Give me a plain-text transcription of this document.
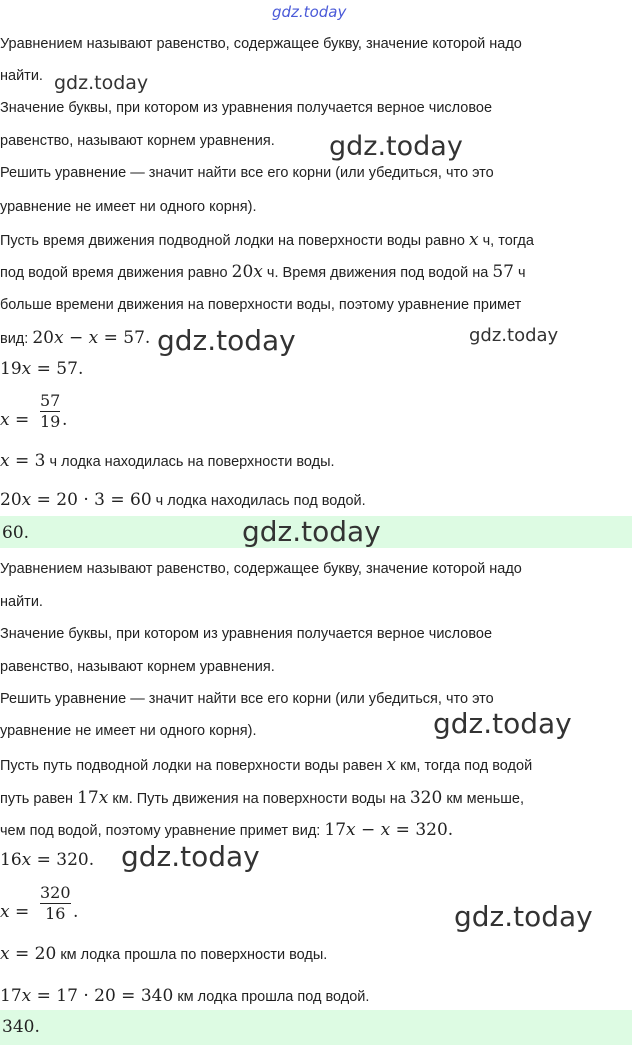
gdz.today
Уравнением называют равенство, содержащее букву, значение которой надо
найти.
Значение буквы, при котором из уравнения получается верное числовое
равенство, называют корнем уравнения.
Решить уравнение — значит найти все его корни (или убедиться, что это
уравнение не имеет ни одного корня).
Пусть время движения подводной лодки на поверхности воды равно x ч, тогда
под водой время движения равно 20x ч. Время движения под водой на 57 ч
больше времени движения на поверхности воды, поэтому уравнение примет
вид: 20x − x = 57.
19x = 57.
x =
57
19 .
x = 3 ч лодка находилась на поверхности воды.
20x = 20 · 3 = 60 ч лодка находилась под водой.
60.
Уравнением называют равенство, содержащее букву, значение которой надо
найти.
Значение буквы, при котором из уравнения получается верное числовое
равенство, называют корнем уравнения.
Решить уравнение — значит найти все его корни (или убедиться, что это
уравнение не имеет ни одного корня).
Пусть путь подводной лодки на поверхности воды равен x км, тогда под водой
путь равен 17x км. Путь движения на поверхности воды на 320 км меньше,
чем под водой, поэтому уравнение примет вид: 17x − x = 320.
16x = 320.
x =
320
16 .
x = 20 км лодка прошла по поверхности воды.
17x = 17 · 20 = 340 км лодка прошла под водой.
340.
gdz.today
gdz.today
gdz.today	gdz.today
gdz.today
gdz.today
gdz.today
gdz.today
